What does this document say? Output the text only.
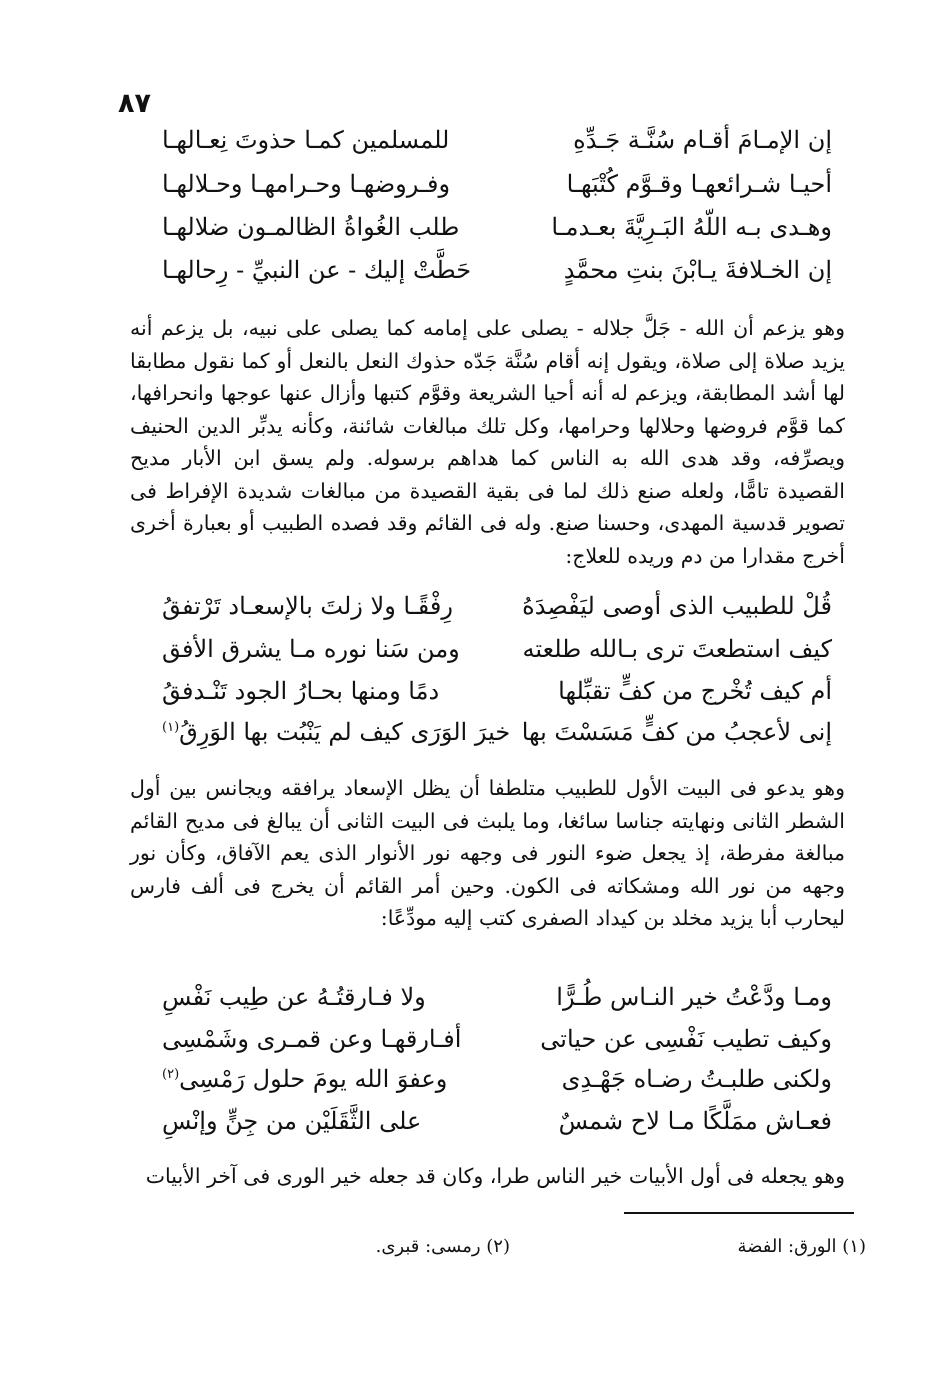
٨٧
إن الإمـامَ أقـام سُنَّـة جَـدِّهِ
للمسلمين كمـا حذوتَ نِعـالهـا
أحيـا شـرائعهـا وقـوَّم كُتْبَهـا
وفـروضهـا وحـرامهـا وحـلالهـا
وهـدى بـه اللّهُ البَـرِيَّةَ بعـدمـا
طلب الغُواةُ الظالمـون ضلالهـا
إن الخـلافةَ يـابْنَ بنتِ محمَّدٍ
حَطَّتْ إليك - عن النبيِّ - رِحالهـا

وهو يزعم أن الله - جَلَّ جلاله - يصلى على إمامه كما يصلى على نبيه، بل يزعم أنه يزيد صلاة إلى صلاة، ويقول إنه أقام سُنَّة جَدّه حذوك النعل بالنعل أو كما نقول مطابقا لها أشد المطابقة، ويزعم له أنه أحيا الشريعة وقوَّم كتبها وأزال عنها عوجها وانحرافها، كما قوَّم فروضها وحلالها وحرامها، وكل تلك مبالغات شائنة، وكأنه يدبِّر الدين الحنيف ويصرِّفه، وقد هدى الله به الناس كما هداهم برسوله. ولم يسق ابن الأبار مديح القصيدة تامًّا، ولعله صنع ذلك لما فى بقية القصيدة من مبالغات شديدة الإفراط فى تصوير قدسية المهدى، وحسنا صنع. وله فى القائم وقد فصده الطبيب أو بعبارة أخرى أخرج مقدارا من دم وريده للعلاج:

قُلْ للطبيب الذى أوصى ليَفْصِدَهُ
رِفْقًـا ولا زلتَ بالإسعـاد تَرْتفقُ
كيف استطعتَ ترى بـالله طلعته
ومن سَنا نوره مـا يشرق الأفق
أم كيف تُخْرج من كفٍّ تقبِّلها
دمًا ومنها بحـارُ الجود تَنْـدفقُ
إنى لأعجبُ من كفٍّ مَسَسْتَ بها
خيرَ الوَرَى كيف لم يَنْبُت بها الوَرِقُ$^{(١)}$

وهو يدعو فى البيت الأول للطبيب متلطفا أن يظل الإسعاد يرافقه ويجانس بين أول الشطر الثانى ونهايته جناسا سائغا، وما يلبث فى البيت الثانى أن يبالغ فى مديح القائم مبالغة مفرطة، إذ يجعل ضوء النور فى وجهه نور الأنوار الذى يعم الآفاق، وكأن نور وجهه من نور الله ومشكاته فى الكون. وحين أمر القائم أن يخرج فى ألف فارس ليحارب أبا يزيد مخلد بن كيداد الصفرى كتب إليه مودِّعًا:

ومـا ودَّعْتُ خير النـاس طُـرًّا
ولا فـارقتُـهُ عن طِيب نَفْسِ
وكيف تطيب نَفْسِى عن حياتى
أفـارقهـا وعن قمـرى وشَمْسِى
ولكنى طلبـتُ رضـاه جَهْـدِى
وعفوَ الله يومَ حلول رَمْسِى$^{(٢)}$
فعـاش ممَلَّكًا مـا لاح شمسٌ
على الثَّقَلَيْن من جِنٍّ وإنْسِ

وهو يجعله فى أول الأبيات خير الناس طرا، وكان قد جعله خير الورى فى آخر الأبيات

(١) الورق: الفضة
(٢) رمسى: قبرى.
